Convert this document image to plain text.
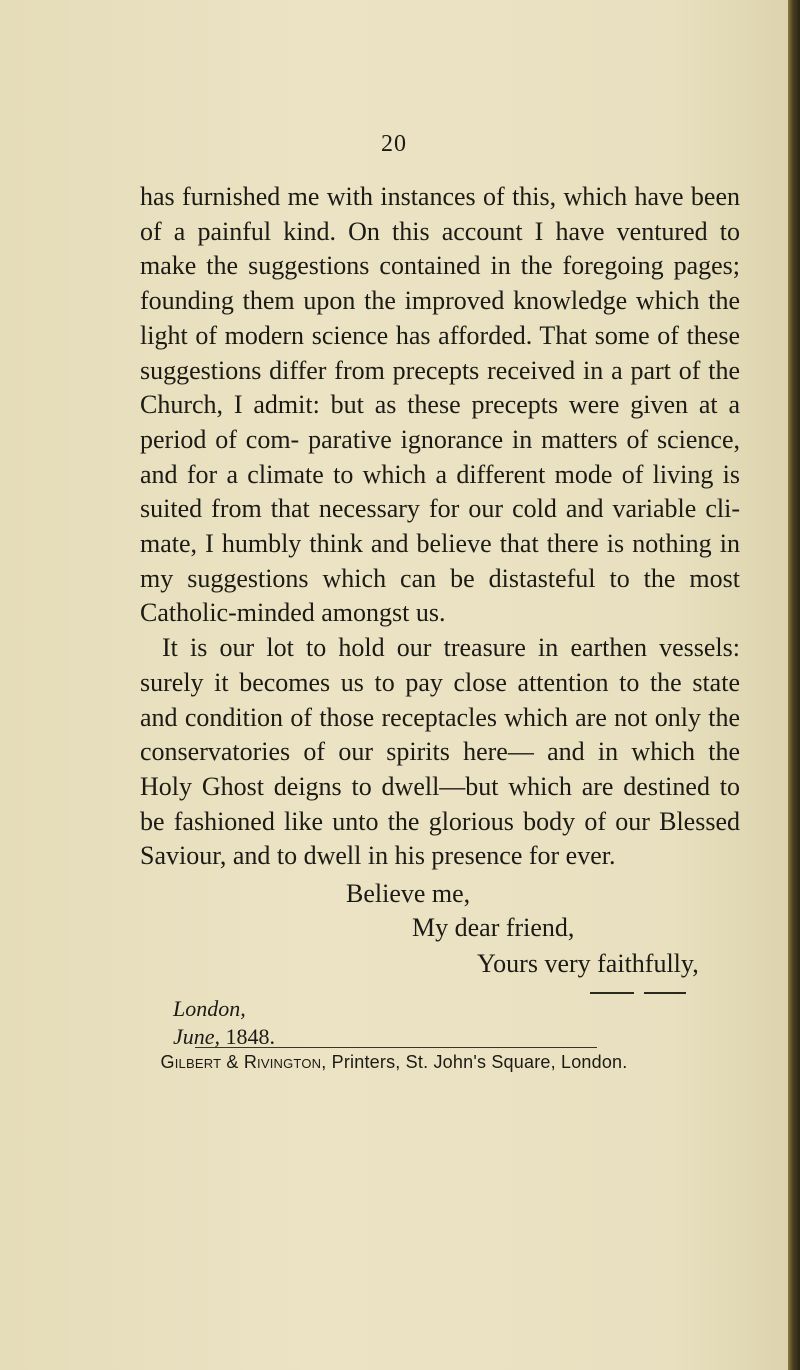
20

has furnished me with instances of this, which have been of a painful kind. On this account I have ventured to make the suggestions contained in the foregoing pages; founding them upon the improved knowledge which the light of modern science has afforded. That some of these suggestions differ from precepts received in a part of the Church, I admit: but as these precepts were given at a period of com- parative ignorance in matters of science, and for a climate to which a different mode of living is suited from that necessary for our cold and variable cli- mate, I humbly think and believe that there is nothing in my suggestions which can be distasteful to the most Catholic-minded amongst us.

It is our lot to hold our treasure in earthen vessels: surely it becomes us to pay close attention to the state and condition of those receptacles which are not only the conservatories of our spirits here— and in which the Holy Ghost deigns to dwell—but which are destined to be fashioned like unto the glorious body of our Blessed Saviour, and to dwell in his presence for ever.

Believe me,
My dear friend,
Yours very faithfully,
London,
June, 1848.
Gilbert & Rivington, Printers, St. John's Square, London.
